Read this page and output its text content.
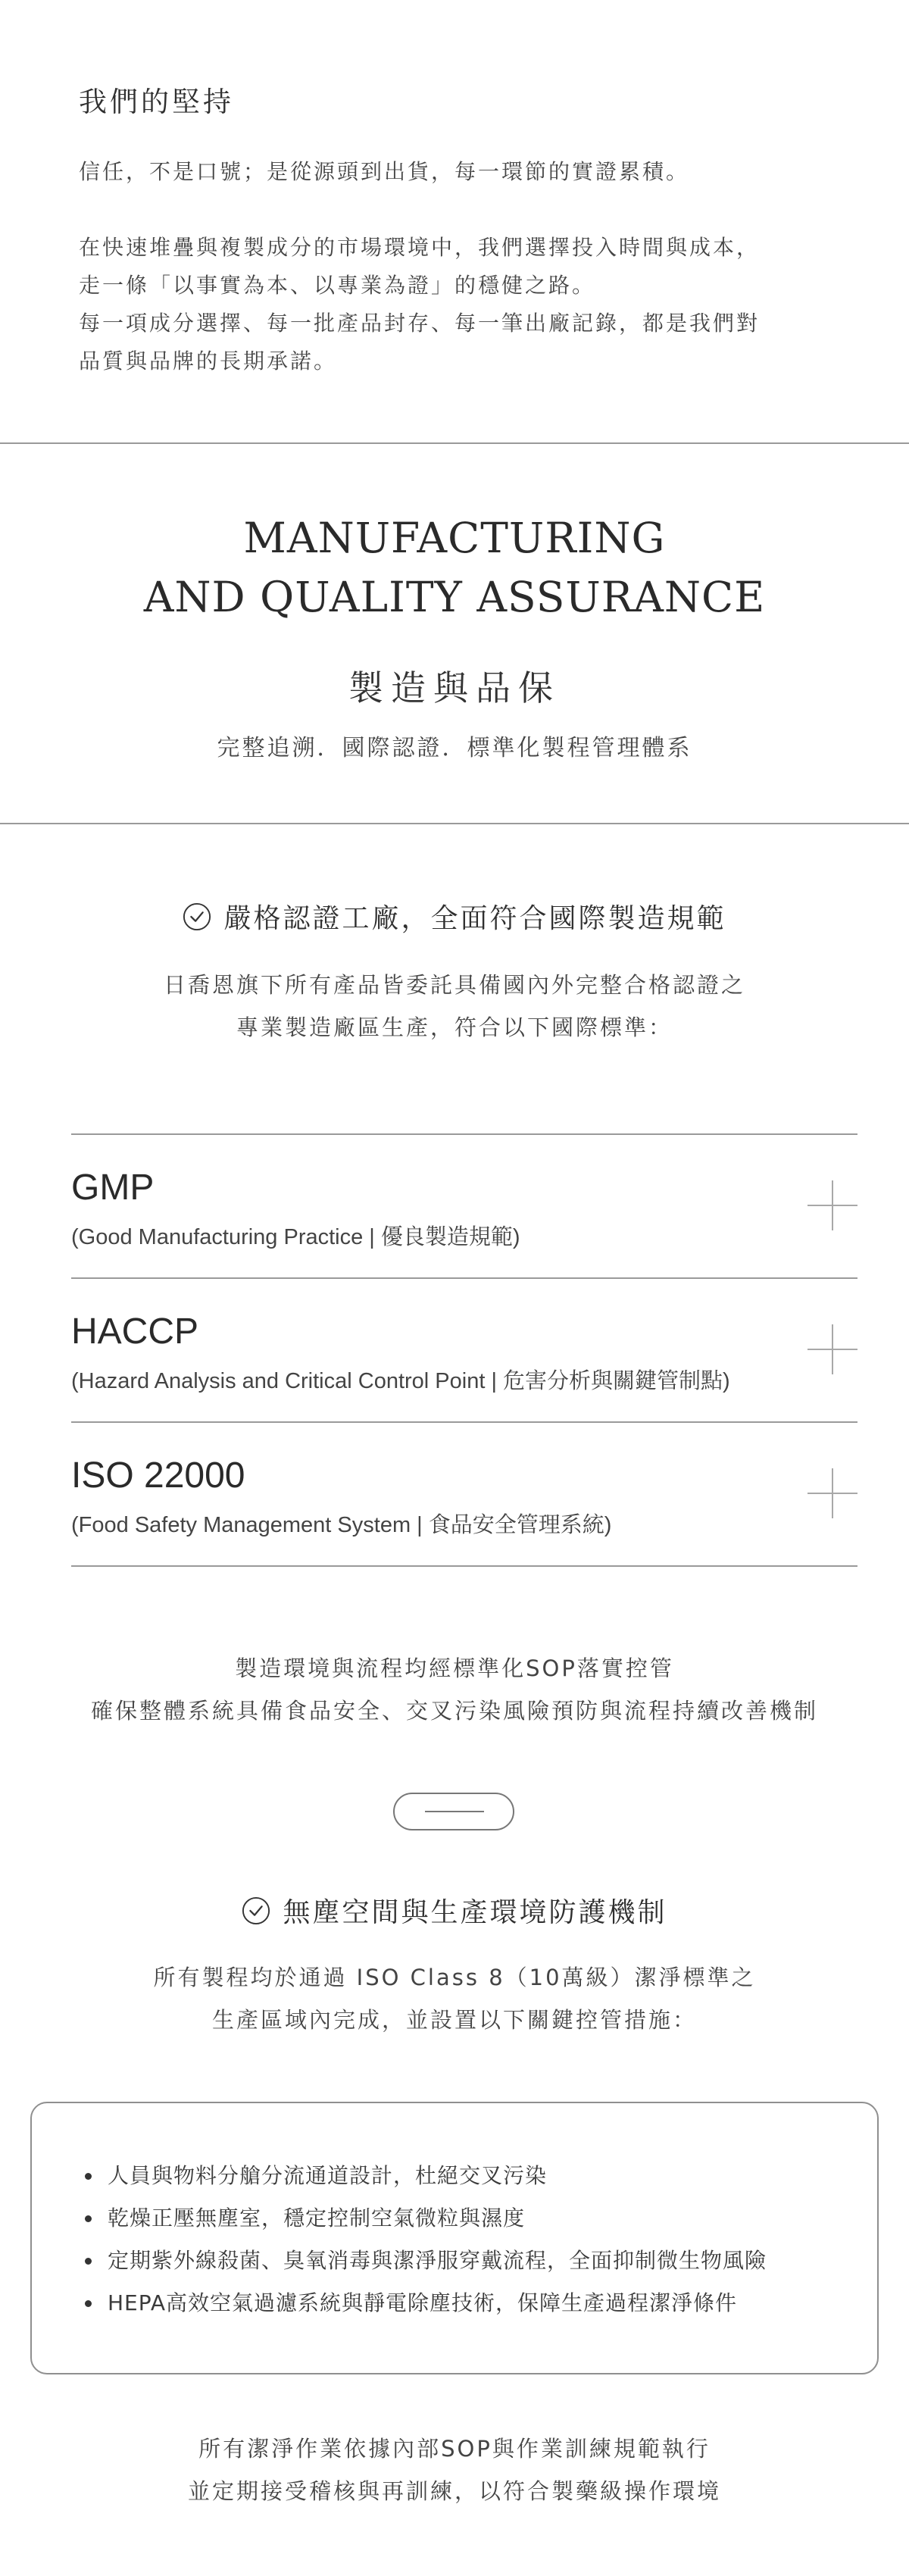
我們的堅持
信任，不是口號；是從源頭到出貨，每一環節的實證累積。
在快速堆疊與複製成分的市場環境中，我們選擇投入時間與成本，
走一條「以事實為本、以專業為證」的穩健之路。
每一項成分選擇、每一批產品封存、每一筆出廠記錄，都是我們對
品質與品牌的長期承諾。
MANUFACTURING
AND QUALITY ASSURANCE
製造與品保
完整追溯．國際認證．標準化製程管理體系
嚴格認證工廠，全面符合國際製造規範
日喬恩旗下所有產品皆委託具備國內外完整合格認證之
專業製造廠區生產，符合以下國際標準：
GMP
(Good Manufacturing Practice | 優良製造規範)
HACCP
(Hazard Analysis and Critical Control Point | 危害分析與關鍵管制點)
ISO 22000
(Food Safety Management System | 食品安全管理系統)
製造環境與流程均經標準化SOP落實控管
確保整體系統具備食品安全、交叉污染風險預防與流程持續改善機制
無塵空間與生產環境防護機制
所有製程均於通過 ISO Class 8（10萬級）潔淨標準之
生產區域內完成，並設置以下關鍵控管措施：
人員與物料分艙分流通道設計，杜絕交叉污染
乾燥正壓無塵室，穩定控制空氣微粒與濕度
定期紫外線殺菌、臭氧消毒與潔淨服穿戴流程，全面抑制微生物風險
HEPA高效空氣過濾系統與靜電除塵技術，保障生產過程潔淨條件
所有潔淨作業依據內部SOP與作業訓練規範執行
並定期接受稽核與再訓練，以符合製藥級操作環境
